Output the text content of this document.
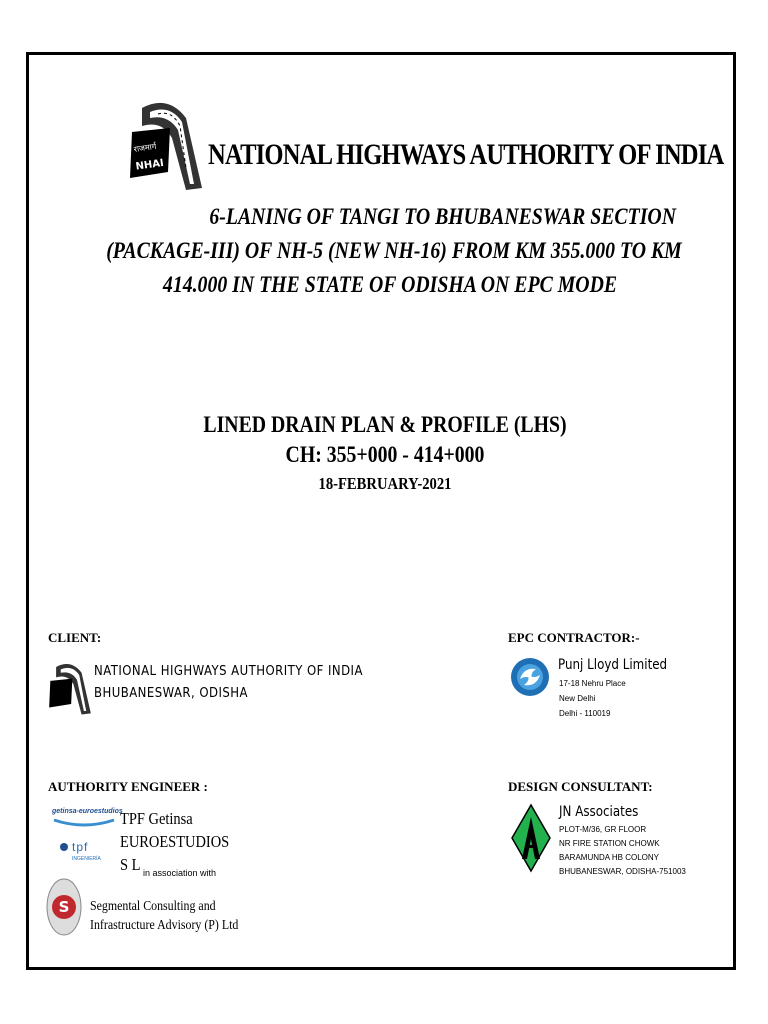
राजमार्ग
NHAI NATIONAL HIGHWAYS AUTHORITY OF INDIA
6-LANING OF TANGI TO BHUBANESWAR SECTION
(PACKAGE-III) OF NH-5 (NEW NH-16) FROM KM 355.000 TO KM
414.000 IN THE STATE OF ODISHA ON EPC MODE
LINED DRAIN PLAN & PROFILE (LHS)
CH: 355+000 - 414+000
18-FEBRUARY-2021
CLIENT:
NATIONAL HIGHWAYS AUTHORITY OF INDIA
BHUBANESWAR, ODISHA
EPC CONTRACTOR:-
Punj Lloyd Limited
17-18 Nehru Place
New Delhi
Delhi - 110019
AUTHORITY ENGINEER :
getinsa-euroestudios
tpf
INGENIERÍA
TPF Getinsa
EUROESTUDIOS
S L in association with
S Segmental Consulting and
Infrastructure Advisory (P) Ltd
DESIGN CONSULTANT:
JN Associates
PLOT-M/36, GR FLOOR
NR FIRE STATION CHOWK
BARAMUNDA HB COLONY
BHUBANESWAR, ODISHA-751003
